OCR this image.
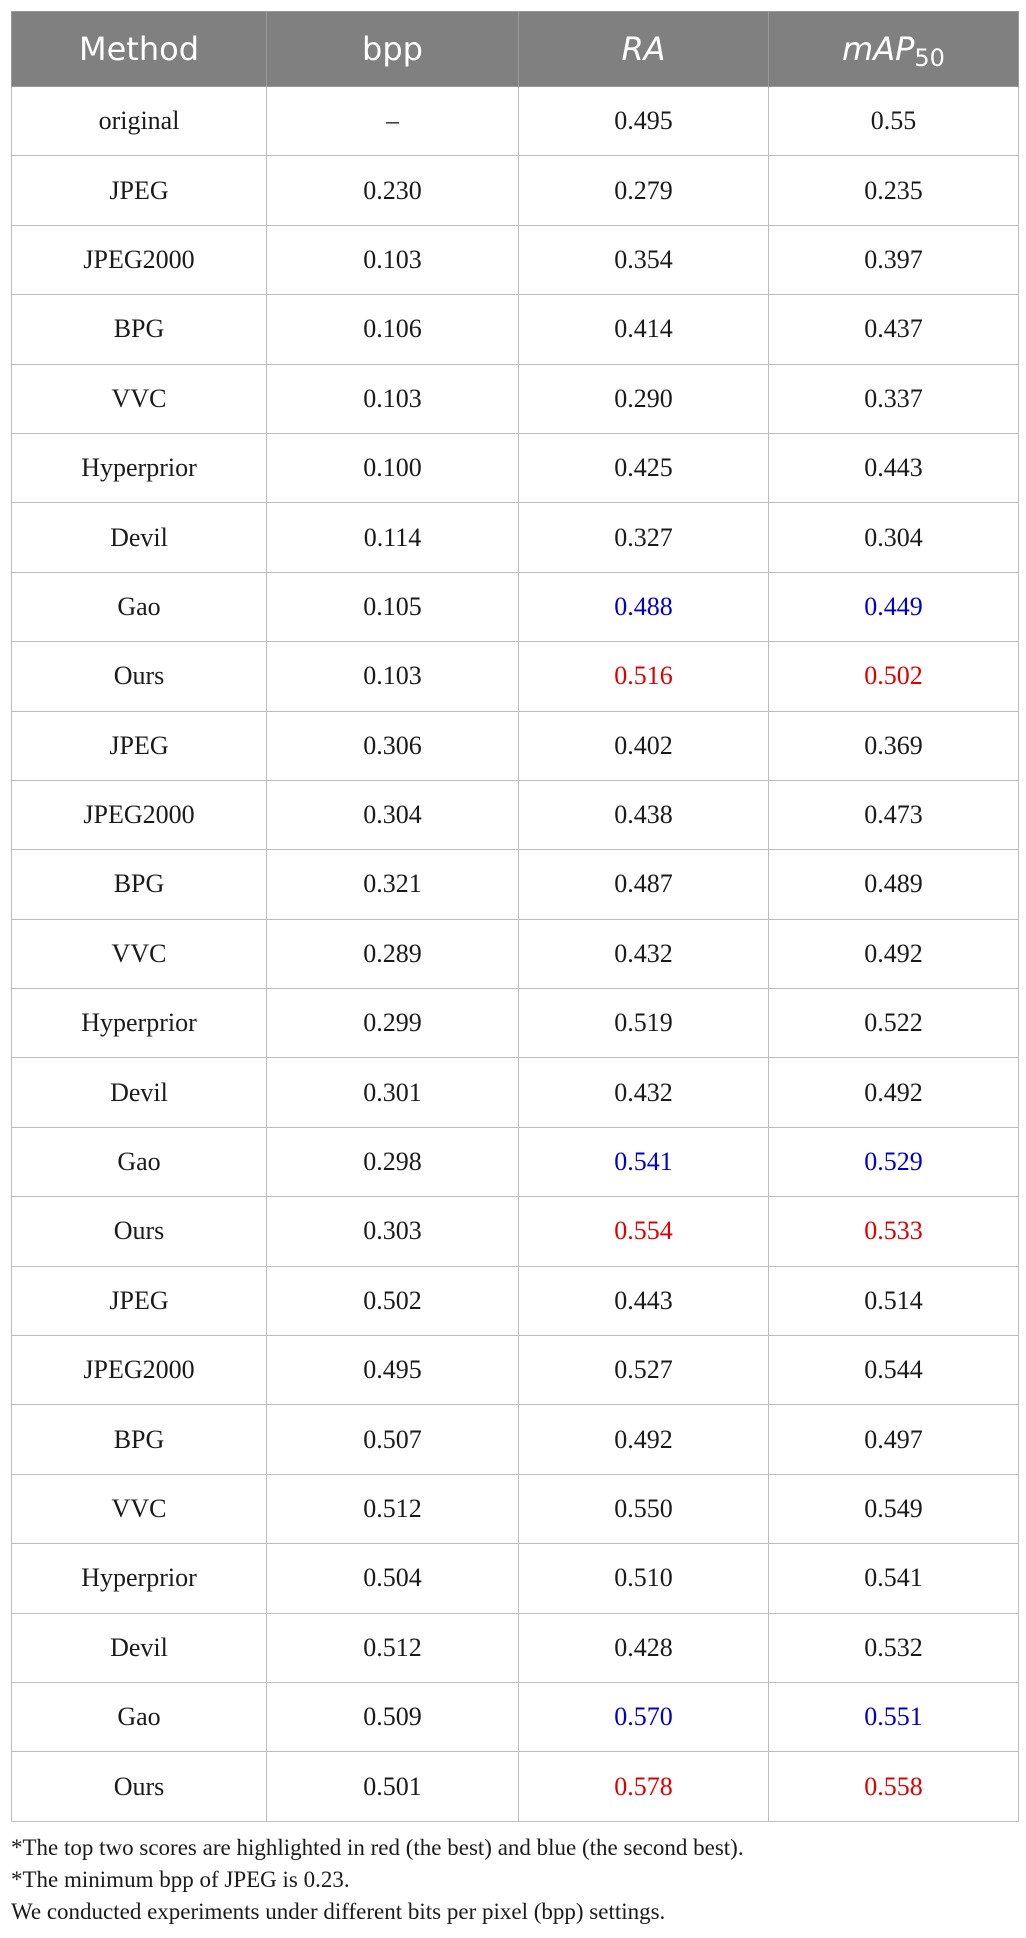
Method	bpp	RA	mAP$_{50}$
original	–	0.495	0.55
JPEG	0.230	0.279	0.235
JPEG2000	0.103	0.354	0.397
BPG	0.106	0.414	0.437
VVC	0.103	0.290	0.337
Hyperprior	0.100	0.425	0.443
Devil	0.114	0.327	0.304
Gao	0.105	0.488	0.449
Ours	0.103	0.516	0.502
JPEG	0.306	0.402	0.369
JPEG2000	0.304	0.438	0.473
BPG	0.321	0.487	0.489
VVC	0.289	0.432	0.492
Hyperprior	0.299	0.519	0.522
Devil	0.301	0.432	0.492
Gao	0.298	0.541	0.529
Ours	0.303	0.554	0.533
JPEG	0.502	0.443	0.514
JPEG2000	0.495	0.527	0.544
BPG	0.507	0.492	0.497
VVC	0.512	0.550	0.549
Hyperprior	0.504	0.510	0.541
Devil	0.512	0.428	0.532
Gao	0.509	0.570	0.551
Ours	0.501	0.578	0.558
*The top two scores are highlighted in red (the best) and blue (the second best).
*The minimum bpp of JPEG is 0.23.
We conducted experiments under different bits per pixel (bpp) settings.
